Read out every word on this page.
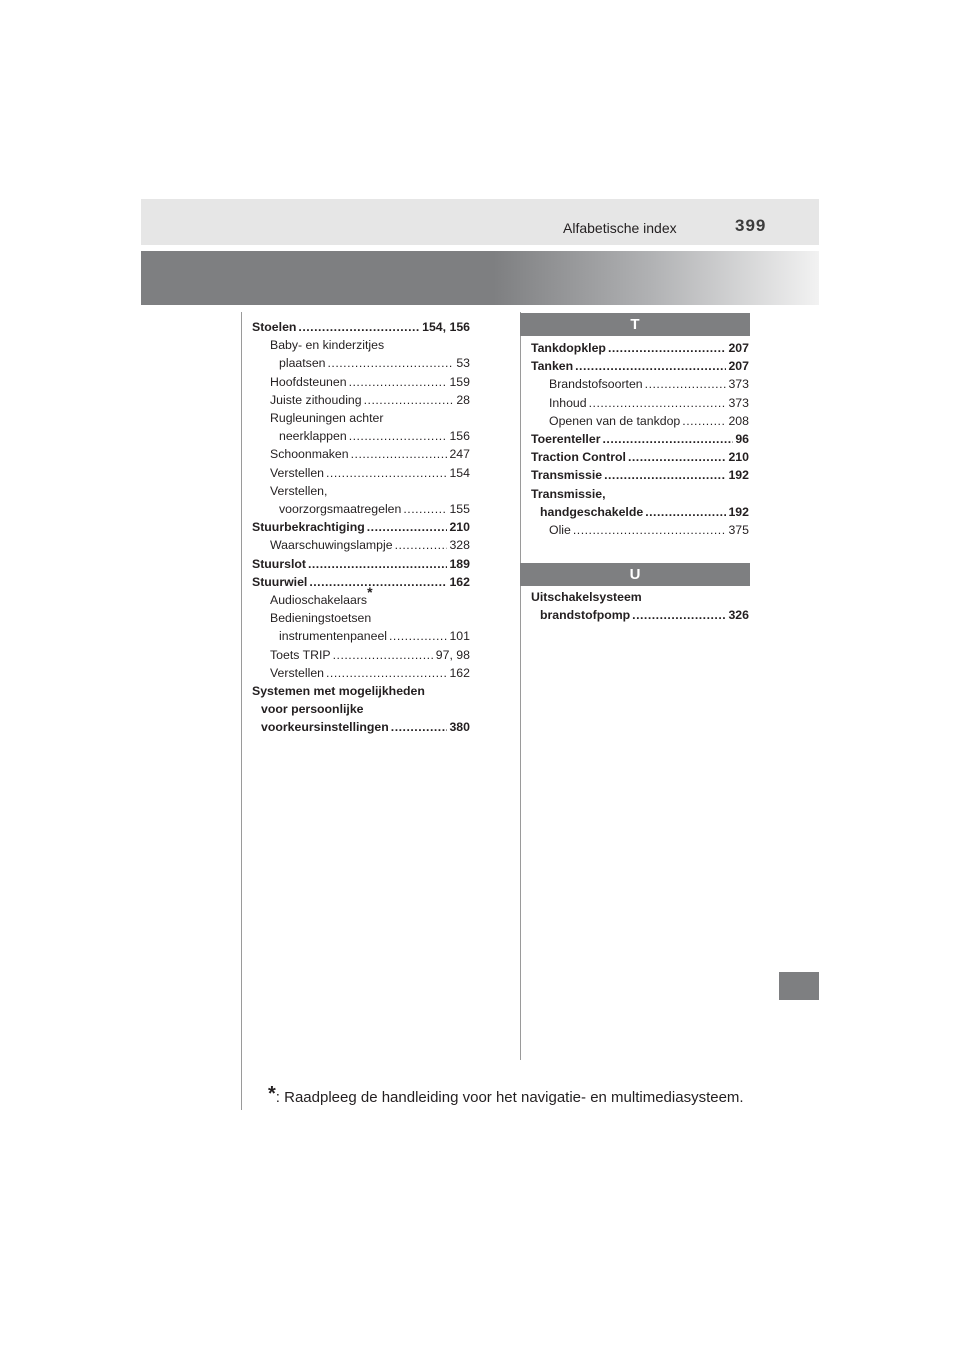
Alfabetische index	399
Stoelen .....	154, 156
Baby- en kinderzitjes
plaatsen .....	53
Hoofdsteunen .....	159
Juiste zithouding .....	28
Rugleuningen achter
neerklappen .....	156
Schoonmaken .....	247
Verstellen .....	154
Verstellen,
voorzorgsmaatregelen .....	155
Stuurbekrachtiging .....	210
Waarschuwingslampje .....	328
Stuurslot .....	189
Stuurwiel .....	162
Audioschakelaars*
Bedieningstoetsen
instrumentenpaneel .....	101
Toets TRIP .....	97, 98
Verstellen .....	162
Systemen met mogelijkheden
voor persoonlijke
voorkeursinstellingen .....	380
T
Tankdopklep .....	207
Tanken .....	207
Brandstofsoorten .....	373
Inhoud .....	373
Openen van de tankdop .....	208
Toerenteller .....	96
Traction Control .....	210
Transmissie .....	192
Transmissie,
handgeschakelde .....	192
Olie .....	375
U
Uitschakelsysteem
brandstofpomp .....	326
*: Raadpleeg de handleiding voor het navigatie- en multimediasysteem.
